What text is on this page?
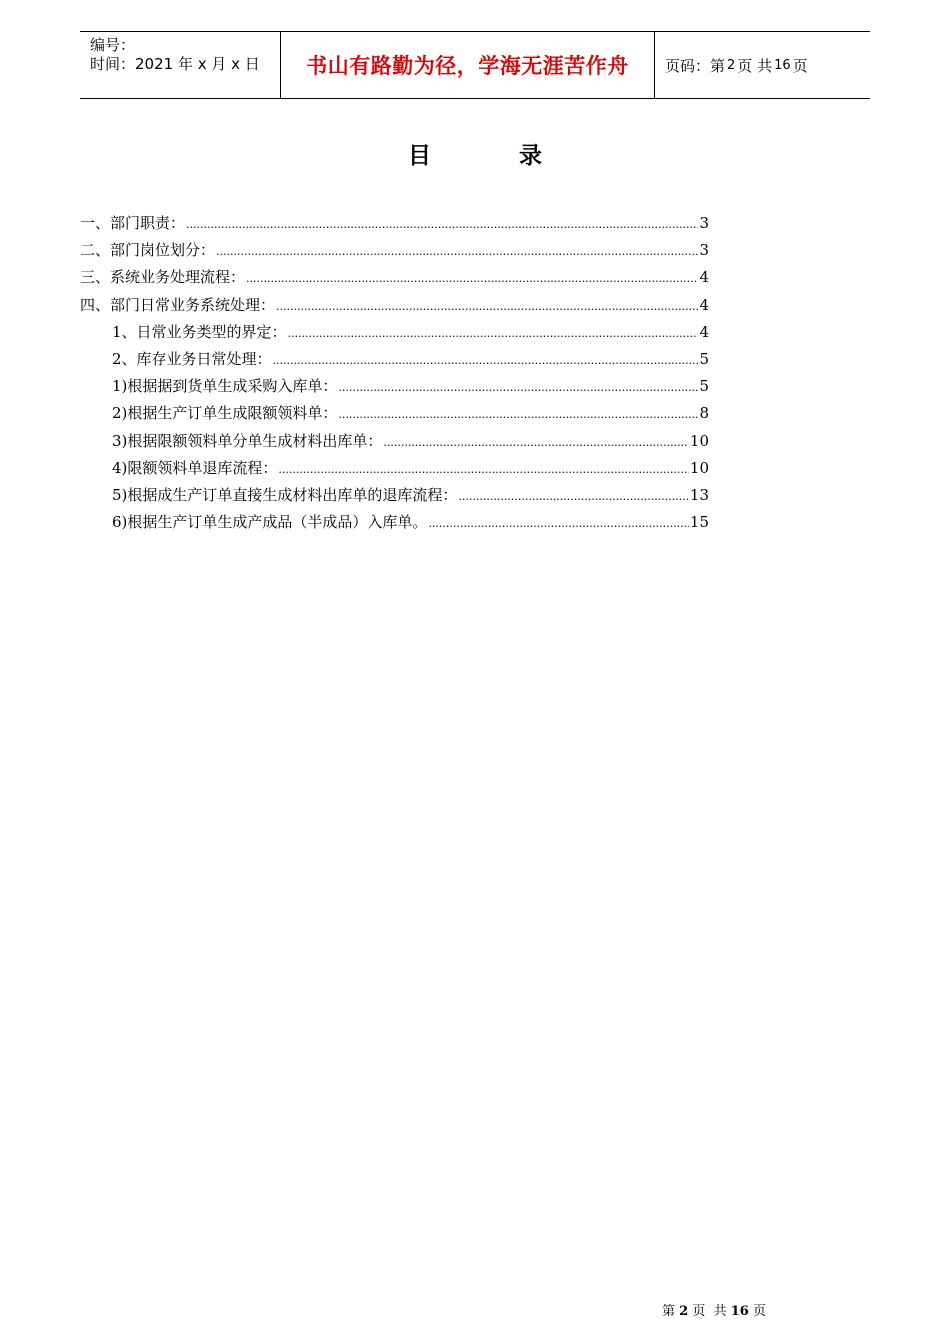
编号：
时间：2021 年 x 月 x 日	书山有路勤为径，学海无涯苦作舟	页码：第 2 页 共 16 页
目	录
一、部门职责： .....	3
二、部门岗位划分： .....	3
三、系统业务处理流程： .....	4
四、部门日常业务系统处理： .....	4
1、日常业务类型的界定： .....	4
2、库存业务日常处理： .....	5
1)根据据到货单生成采购入库单： .....	5
2)根据生产订单生成限额领料单： .....	8
3)根据限额领料单分单生成材料出库单： .....	10
4)限额领料单退库流程： .....	10
5)根据成生产订单直接生成材料出库单的退库流程： .....	13
6)根据生产订单生成产成品（半成品）入库单。 .....	15
第 2 页  共 16 页
